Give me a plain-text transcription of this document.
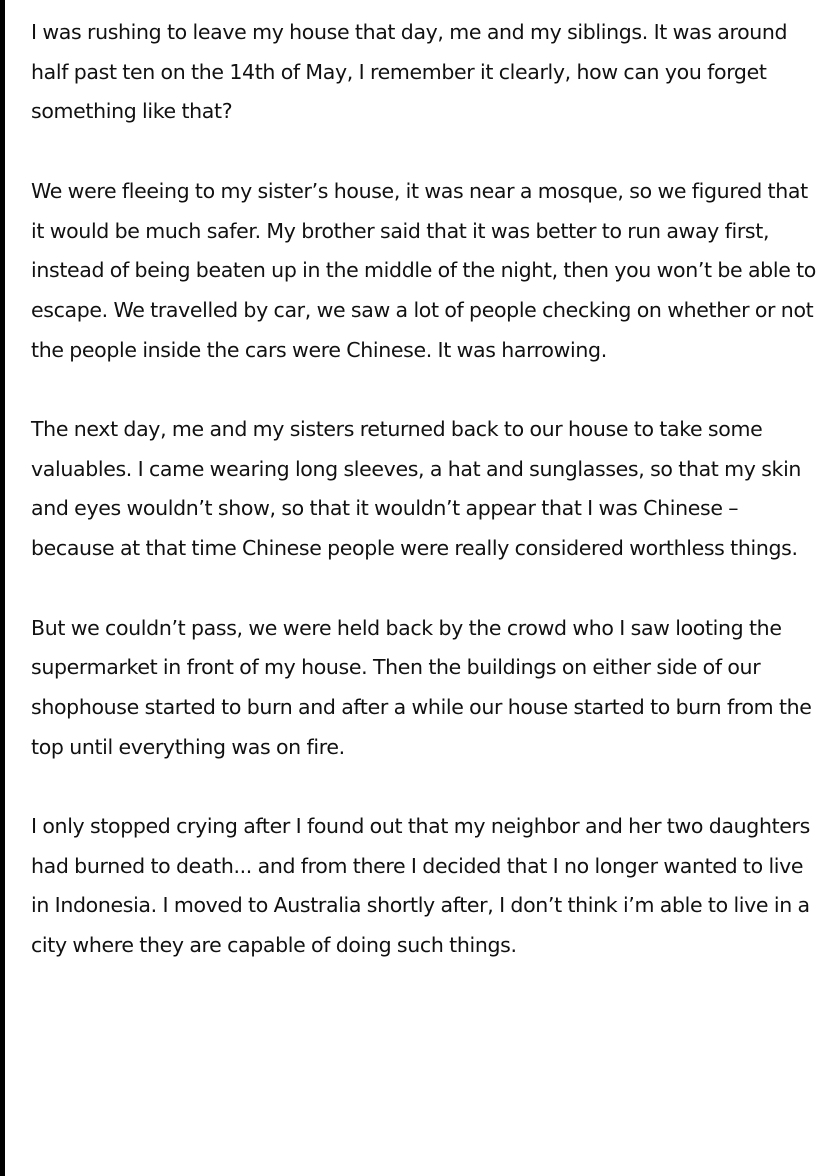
I was rushing to leave my house that day, me and my siblings. It was around half past ten on the 14th of May, I remember it clearly, how can you forget something like that?

We were fleeing to my sister’s house, it was near a mosque, so we figured that it would be much safer. My brother said that it was better to run away first, instead of being beaten up in the middle of the night, then you won’t be able to escape. We travelled by car, we saw a lot of people checking on whether or not the people inside the cars were Chinese. It was harrowing.

The next day, me and my sisters returned back to our house to take some valuables. I came wearing long sleeves, a hat and sunglasses, so that my skin and eyes wouldn’t show, so that it wouldn’t appear that I was Chinese – because at that time Chinese people were really considered worthless things.

But we couldn’t pass, we were held back by the crowd who I saw looting the supermarket in front of my house. Then the buildings on either side of our shophouse started to burn and after a while our house started to burn from the top until everything was on fire.

I only stopped crying after I found out that my neighbor and her two daughters had burned to death... and from there I decided that I no longer wanted to live in Indonesia. I moved to Australia shortly after, I don’t think i’m able to live in a city where they are capable of doing such things.
